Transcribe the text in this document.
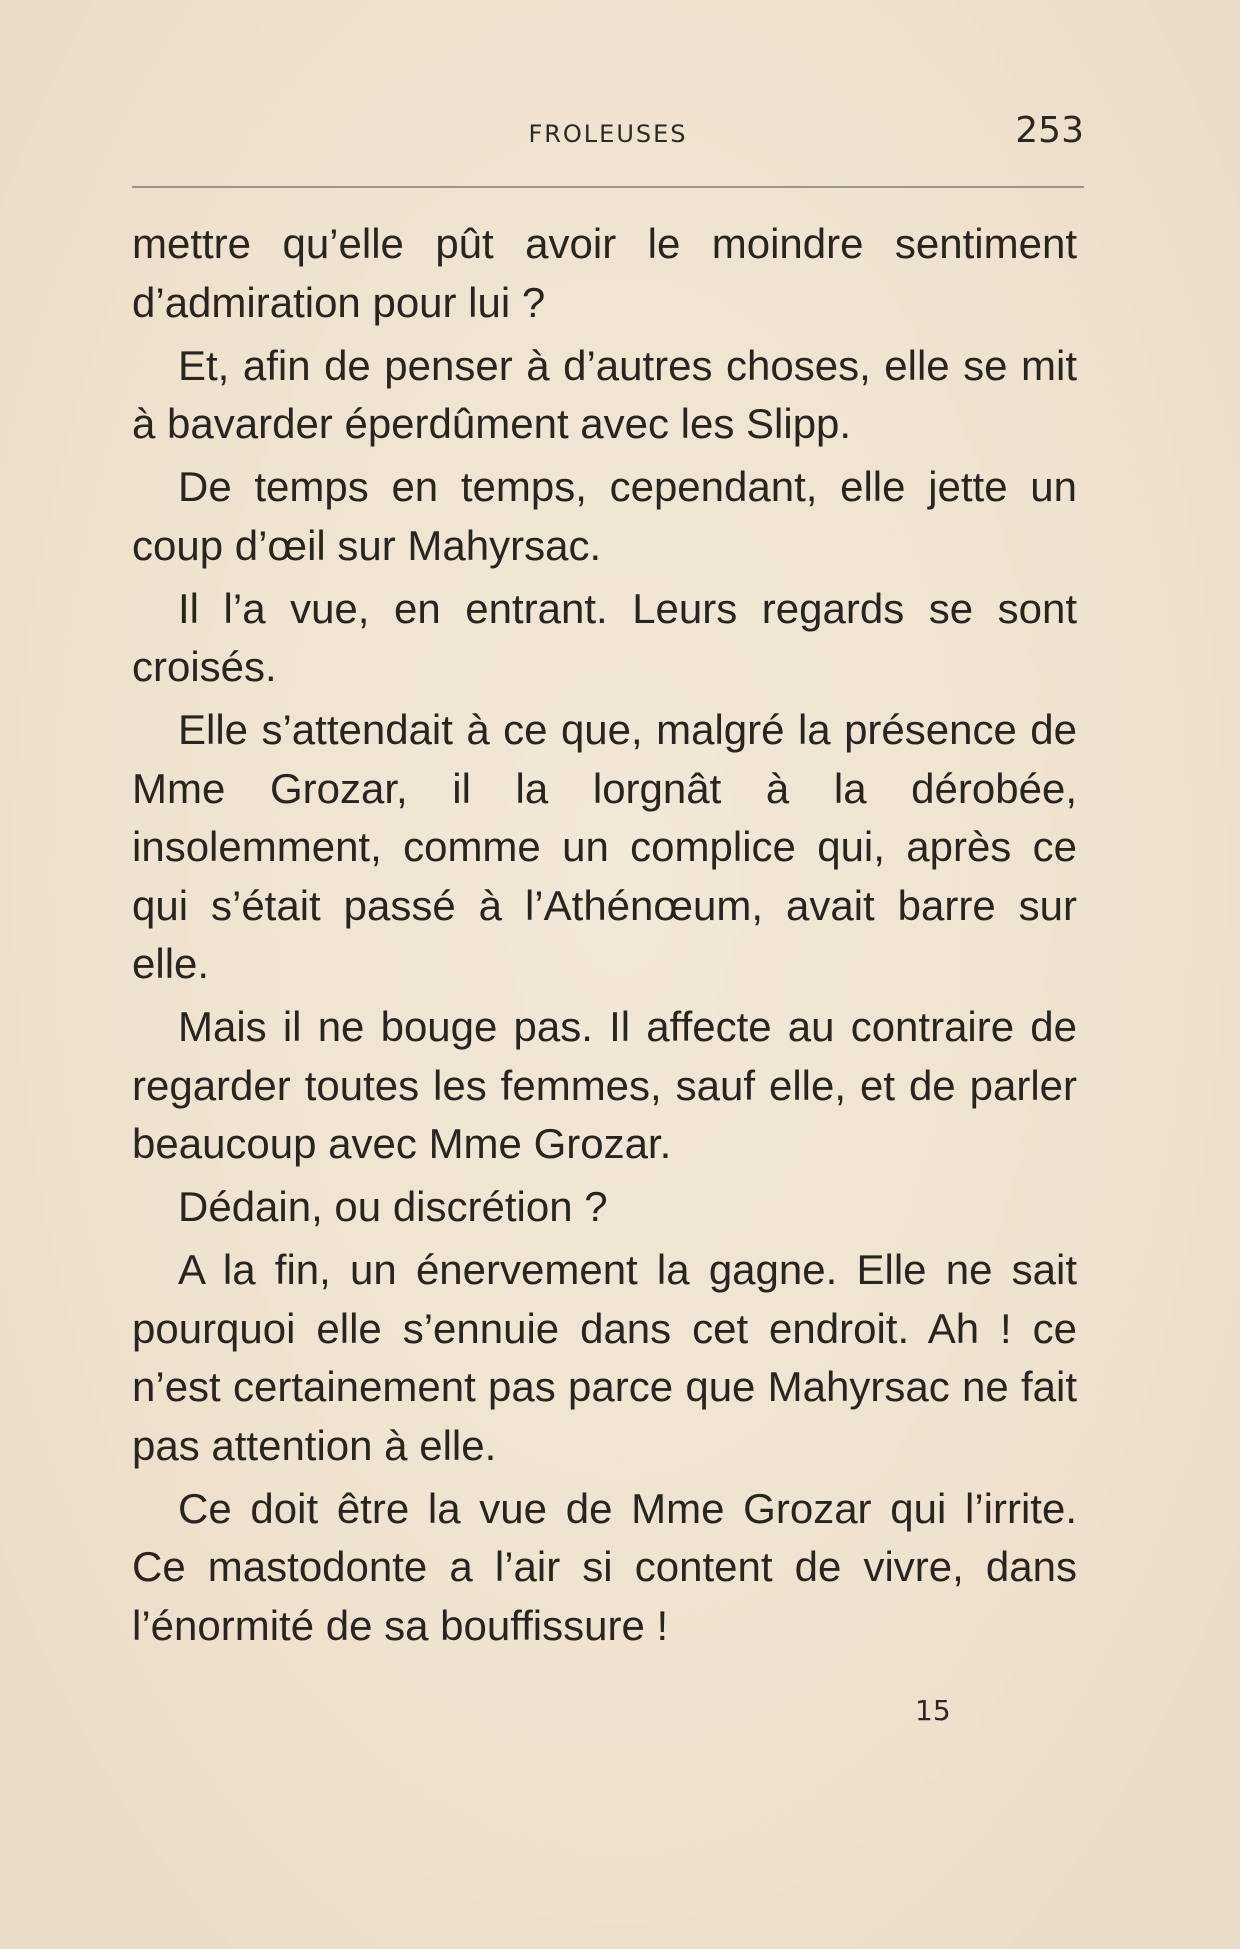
FROLEUSES	253

mettre qu’elle pût avoir le moindre sentiment d’admiration pour lui ?

Et, afin de penser à d’autres choses, elle se mit à bavarder éperdûment avec les Slipp.

De temps en temps, cependant, elle jette un coup d’œil sur Mahyrsac.

Il l’a vue, en entrant. Leurs regards se sont croisés.

Elle s’attendait à ce que, malgré la présence de Mme Grozar, il la lorgnât à la dérobée, insolemment, comme un complice qui, après ce qui s’était passé à l’Athénœum, avait barre sur elle.

Mais il ne bouge pas. Il affecte au contraire de regarder toutes les femmes, sauf elle, et de parler beaucoup avec Mme Grozar.

Dédain, ou discrétion ?

A la fin, un énervement la gagne. Elle ne sait pourquoi elle s’ennuie dans cet endroit. Ah ! ce n’est certainement pas parce que Mahyrsac ne fait pas attention à elle.

Ce doit être la vue de Mme Grozar qui l’irrite. Ce mastodonte a l’air si content de vivre, dans l’énormité de sa bouffissure !

15
